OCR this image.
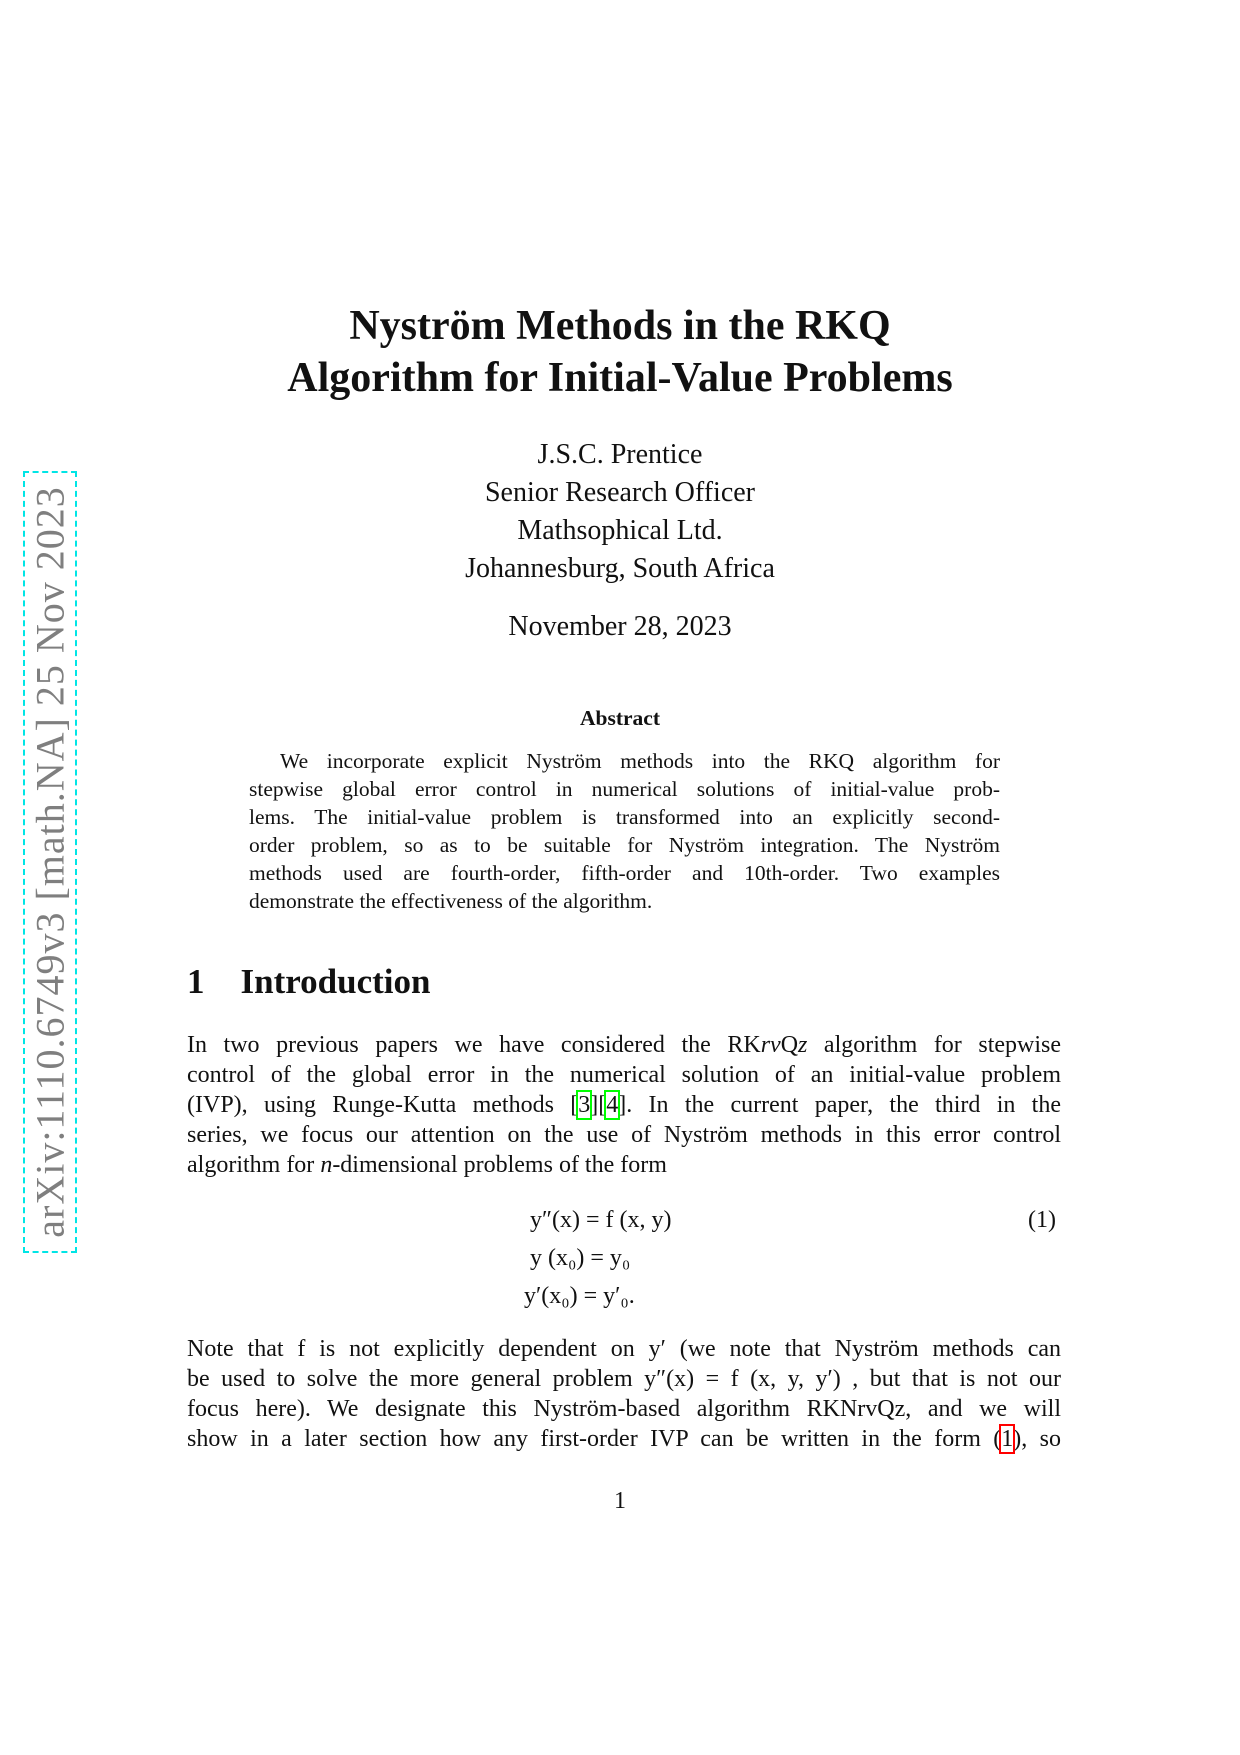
arXiv:1110.6749v3 [math.NA] 25 Nov 2023
Nyström Methods in the RKQ
Algorithm for Initial-Value Problems
J.S.C. Prentice
Senior Research Officer
Mathsophical Ltd.
Johannesburg, South Africa
November 28, 2023
Abstract
We incorporate explicit Nyström methods into the RKQ algorithm for
stepwise global error control in numerical solutions of initial-value prob-
lems. The initial-value problem is transformed into an explicitly second-
order problem, so as to be suitable for Nyström integration. The Nyström
methods used are fourth-order, fifth-order and 10th-order. Two examples
demonstrate the effectiveness of the algorithm.
1 Introduction
In two previous papers we have considered the RKrvQz algorithm for stepwise
control of the global error in the numerical solution of an initial-value problem
(IVP), using Runge-Kutta methods [3][4]. In the current paper, the third in the
series, we focus our attention on the use of Nyström methods in this error control
algorithm for n-dimensional problems of the form
y″(x) = f (x, y)
y (x₀) = y₀
y′(x₀) = y′₀.
(1)
Note that f is not explicitly dependent on y′ (we note that Nyström methods can
be used to solve the more general problem y″(x) = f (x, y, y′) , but that is not our
focus here). We designate this Nyström-based algorithm RKNrvQz, and we will
show in a later section how any first-order IVP can be written in the form (1), so
1
